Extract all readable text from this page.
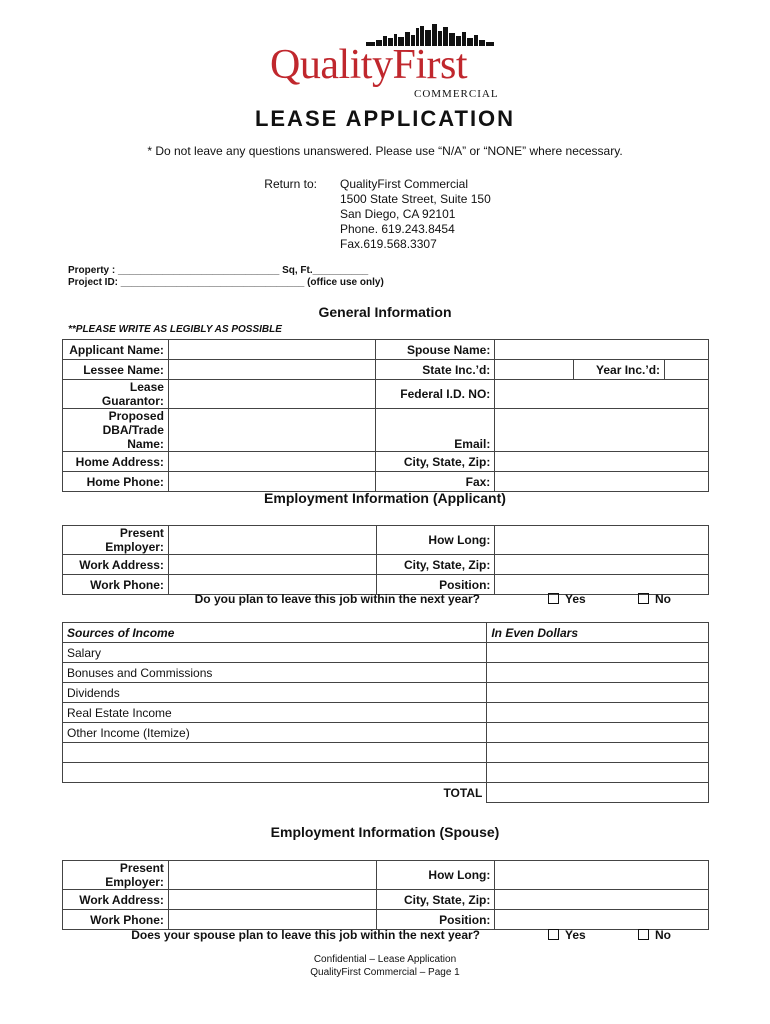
QualityFirst
COMMERCIAL
LEASE APPLICATION
* Do not leave any questions unanswered. Please use “N/A” or “NONE” where necessary.
Return to: QualityFirst Commercial
1500 State Street, Suite 150
San Diego, CA 92101
Phone. 619.243.8454
Fax.619.568.3307
Property : _____________________________ Sq, Ft.__________
Project ID: _________________________________ (office use only)
General Information
**PLEASE WRITE AS LEGIBLY AS POSSIBLE
Applicant Name:		Spouse Name:			
Lessee Name:		State Inc.’d:		Year Inc.’d:	
Lease Guarantor:		Federal I.D. NO:			

Proposed
DBA/Trade Name:		Email:			
Home Address:		City, State, Zip:			
Home Phone:		Fax:			
Employment Information (Applicant)
Present Employer:		How Long:	
Work Address:		City, State, Zip:	
Work Phone:		Position:	
Do you plan to leave this job within the next year?	Yes	No
Sources of Income	In Even Dollars
Salary	
Bonuses and Commissions	
Dividends	
Real Estate Income	
Other Income (Itemize)	

TOTAL	
Employment Information (Spouse)
Present Employer:		How Long:	
Work Address:		City, State, Zip:	
Work Phone:		Position:	
Does your spouse plan to leave this job within the next year?	Yes	No
Confidential – Lease Application
QualityFirst Commercial – Page 1
